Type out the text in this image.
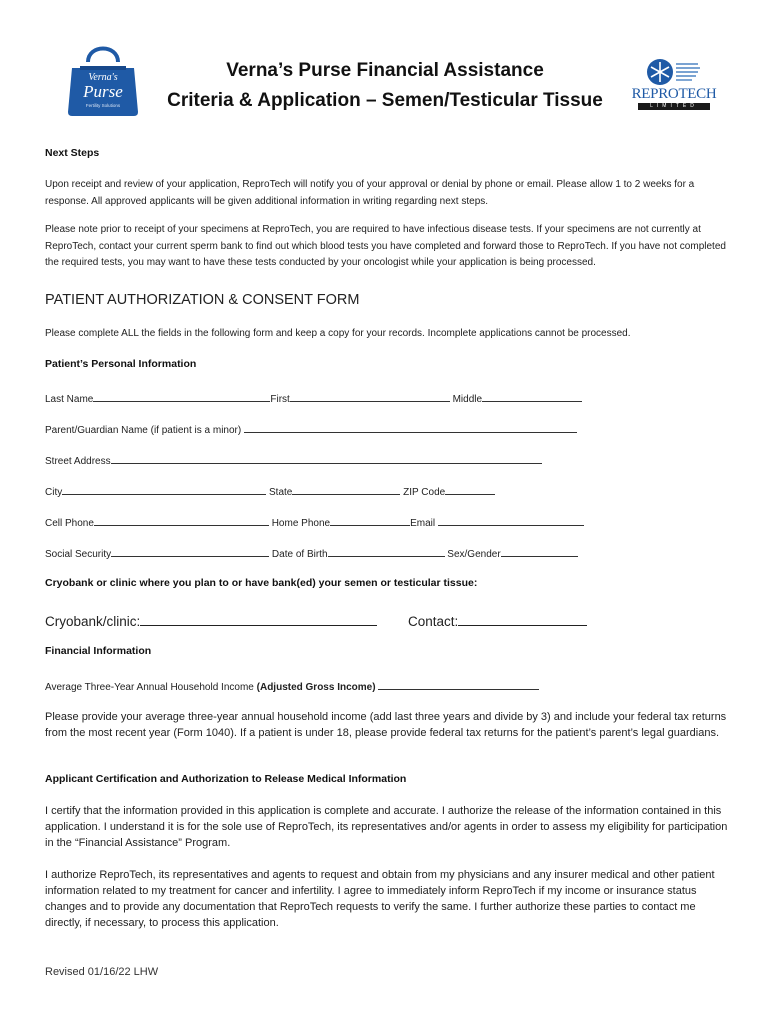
Verna's
Purse
Fertility Solutions
Verna’s Purse Financial Assistance
Criteria & Application – Semen/Testicular Tissue	REPROTECH
LIMITED
Next Steps
Upon receipt and review of your application, ReproTech will notify you of your approval or denial by phone or email. Please allow 1 to 2 weeks for a response. All approved applicants will be given additional information in writing regarding next steps.
Please note prior to receipt of your specimens at ReproTech, you are required to have infectious disease tests. If your specimens are not currently at ReproTech, contact your current sperm bank to find out which blood tests you have completed and forward those to ReproTech. If you have not completed the required tests, you may want to have these tests conducted by your oncologist while your application is being processed.
PATIENT AUTHORIZATION & CONSENT FORM
Please complete ALL the fields in the following form and keep a copy for your records. Incomplete applications cannot be processed.
Patient’s Personal Information
Last Name	First	Middle
Parent/Guardian Name (if patient is a minor)
Street Address
City	State	ZIP Code
Cell Phone	Home Phone	Email
Social Security	Date of Birth	Sex/Gender
Cryobank or clinic where you plan to or have bank(ed) your semen or testicular tissue:
Cryobank/clinic:	Contact:
Financial Information
Average Three-Year Annual Household Income (Adjusted Gross Income)
Please provide your average three-year annual household income (add last three years and divide by 3) and include your federal tax returns from the most recent year (Form 1040). If a patient is under 18, please provide federal tax returns for the patient’s parent’s legal guardians.
Applicant Certification and Authorization to Release Medical Information
I certify that the information provided in this application is complete and accurate. I authorize the release of the information contained in this application. I understand it is for the sole use of ReproTech, its representatives and/or agents in order to assess my eligibility for participation in the “Financial Assistance” Program.
I authorize ReproTech, its representatives and agents to request and obtain from my physicians and any insurer medical and other patient information related to my treatment for cancer and infertility. I agree to immediately inform ReproTech if my income or insurance status changes and to provide any documentation that ReproTech requests to verify the same. I further authorize these parties to contact me directly, if necessary, to process this application.
Revised 01/16/22 LHW
